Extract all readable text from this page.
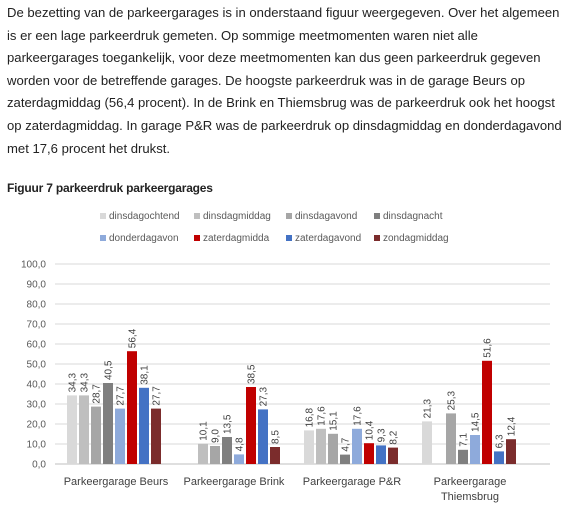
De bezetting van de parkeergarages is in onderstaand figuur weergegeven. Over het algemeen is er een lage parkeerdruk gemeten. Op sommige meetmomenten waren niet alle parkeergarages toegankelijk, voor deze meetmomenten kan dus geen parkeerdruk gegeven worden voor de betreffende garages. De hoogste parkeerdruk was in de garage Beurs op zaterdagmiddag (56,4 procent). In de Brink en Thiemsbrug was de parkeerdruk ook het hoogst op zaterdagmiddag. In garage P&R was de parkeerdruk op dinsdagmiddag en donderdagavond met 17,6 procent het drukst.

Figuur 7 parkeerdruk parkeergarages

0,0
10,0
20,0
30,0
40,0
50,0
60,0
70,0
80,0
90,0
100,0
34,3
16,8	21,3
34,3
10,1
17,6
28,7
9,0
15,1
25,3
40,5
13,5
4,7	7,1
27,7
4,8
17,6	14,5
56,4
38,5
10,4
51,6
38,1
27,3
9,3	6,3
27,7
8,5	8,2
12,4
Parkeergarage Beurs Parkeergarage Brink Parkeergarage P&R	Parkeergarage
Thiemsbrug
dinsdagochtend dinsdagmiddag dinsdagavond	dinsdagnacht
donderdagavon zaterdagmidda	zaterdagavond zondagmiddag
